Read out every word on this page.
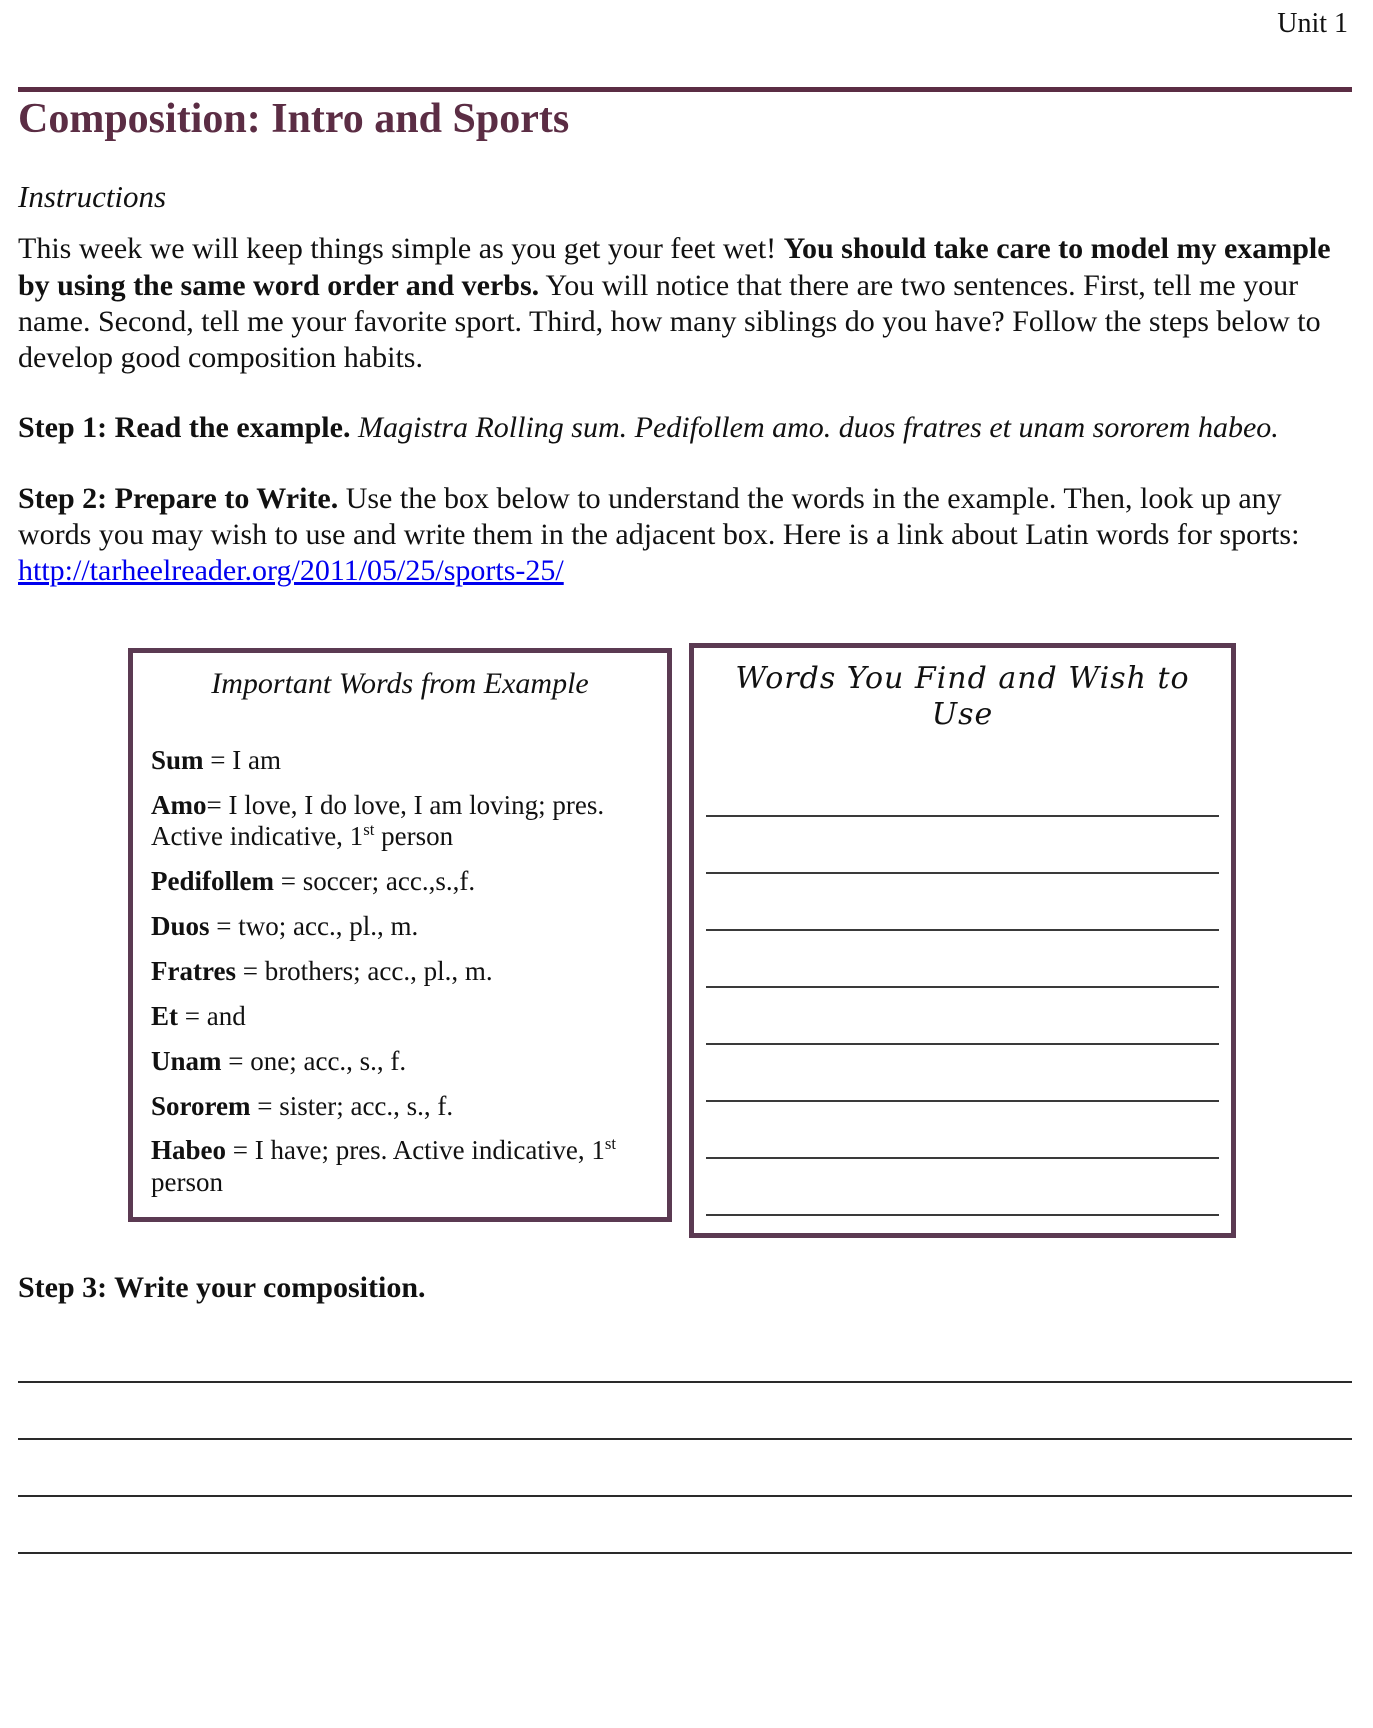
Unit 1
Composition: Intro and Sports
Instructions

This week we will keep things simple as you get your feet wet! You should take care to model my example by using the same word order and verbs. You will notice that there are two sentences. First, tell me your name. Second, tell me your favorite sport. Third, how many siblings do you have? Follow the steps below to develop good composition habits.

Step 1: Read the example. Magistra Rolling sum. Pedifollem amo. duos fratres et unam sororem habeo.

Step 2: Prepare to Write. Use the box below to understand the words in the example. Then, look up any words you may wish to use and write them in the adjacent box. Here is a link about Latin words for sports: http://tarheelreader.org/2011/05/25/sports-25/

Important Words from Example

Sum = I am

Amo= I love, I do love, I am loving; pres. Active indicative, 1st person

Pedifollem = soccer; acc.,s.,f.

Duos = two; acc., pl., m.

Fratres = brothers; acc., pl., m.

Et = and

Unam = one; acc., s., f.

Sororem = sister; acc., s., f.

Habeo = I have; pres. Active indicative, 1st person

Words You Find and Wish to Use

Step 3: Write your composition.
